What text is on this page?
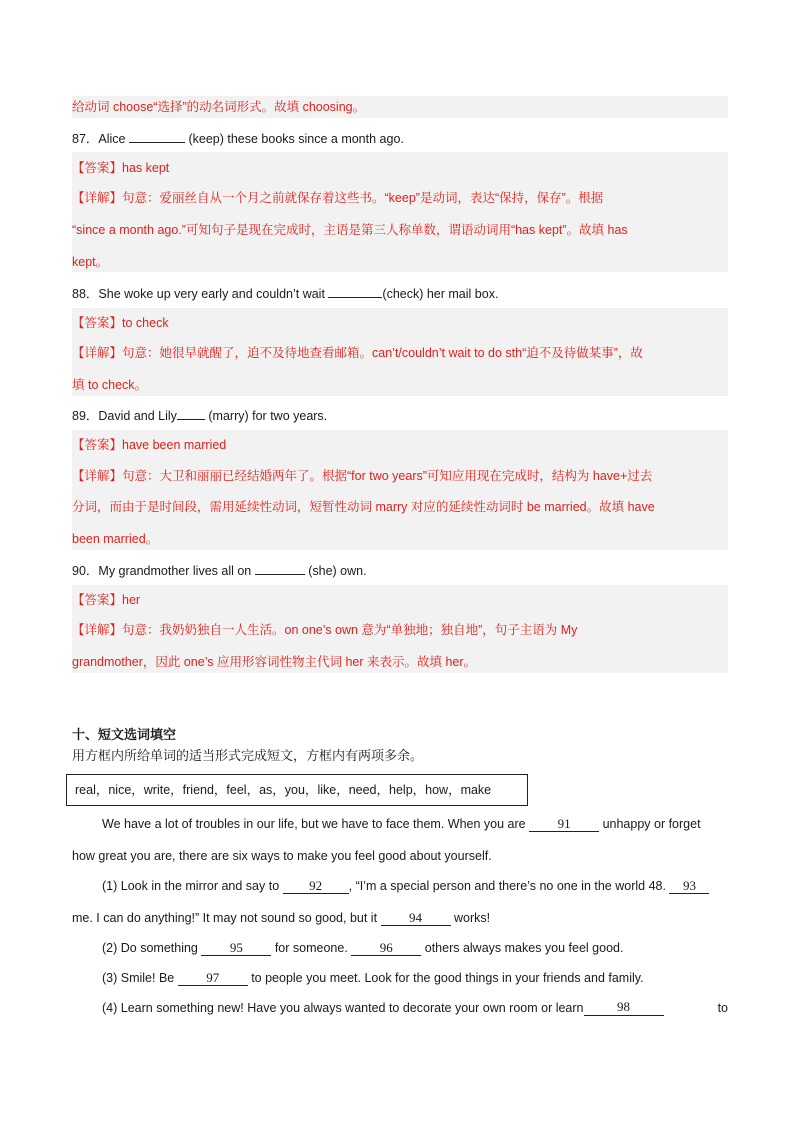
给动词 choose“选择”的动名词形式。故填 choosing。
87．Alice	(keep) these books since a month ago.
【答案】has kept
【详解】句意：爱丽丝自从一个月之前就保存着这些书。“keep”是动词，表达“保持，保存”。根据
“since a month ago.”可知句子是现在完成时，主语是第三人称单数，谓语动词用“has kept”。故填 has
kept。
88．She woke up very early and couldn’t wait	(check) her mail box.
【答案】to check
【详解】句意：她很早就醒了，迫不及待地查看邮箱。can’t/couldn’t wait to do sth“迫不及待做某事”，故
填 to check。
89．David and Lily (marry) for two years.
【答案】have been married
【详解】句意：大卫和丽丽已经结婚两年了。根据“for two years”可知应用现在完成时，结构为 have+过去
分词，而由于是时间段，需用延续性动词，短暂性动词 marry 对应的延续性动词时 be married。故填 have
been married。
90．My grandmother lives all on	(she) own.
【答案】her
【详解】句意：我奶奶独自一人生活。on one’s own 意为“单独地；独自地”，句子主语为 My
grandmother，因此 one’s 应用形容词性物主代词 her 来表示。故填 her。
十、短文选词填空
用方框内所给单词的适当形式完成短文，方框内有两项多余。
real，nice，write，friend，feel，as，you，like，need，help，how，make
We have a lot of troubles in our life, but we have to face them. When you are 91 unhappy or forget
how great you are, there are six ways to make you feel good about yourself.
(1) Look in the mirror and say to 92 , “I’m a special person and there’s no one in the world 48. 93
me. I can do anything!” It may not sound so good, but it 94 works!
(2) Do something 95 for someone. 96 others always makes you feel good.
(3) Smile! Be 97 to people you meet. Look for the good things in your friends and family.
(4) Learn something new! Have you always wanted to decorate your own room or learn	98	to
